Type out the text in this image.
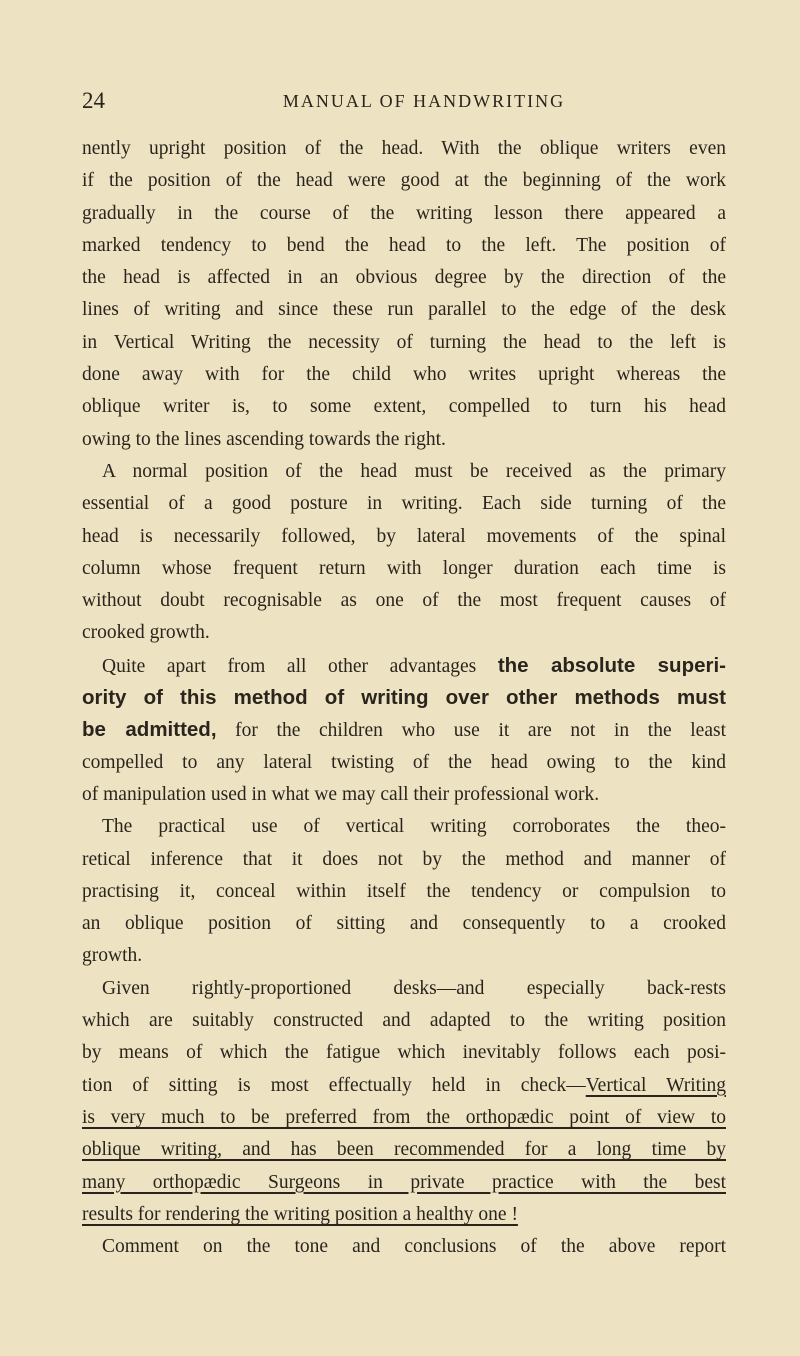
24	MANUAL OF HANDWRITING
nently upright position of the head. With the oblique writers even
if the position of the head were good at the beginning of the work
gradually in the course of the writing lesson there appeared a
marked tendency to bend the head to the left. The position of
the head is affected in an obvious degree by the direction of the
lines of writing and since these run parallel to the edge of the desk
in Vertical Writing the necessity of turning the head to the left is
done away with for the child who writes upright whereas the
oblique writer is, to some extent, compelled to turn his head
owing to the lines ascending towards the right.
A normal position of the head must be received as the primary
essential of a good posture in writing. Each side turning of the
head is necessarily followed, by lateral movements of the spinal
column whose frequent return with longer duration each time is
without doubt recognisable as one of the most frequent causes of
crooked growth.
Quite apart from all other advantages the absolute superi-
ority of this method of writing over other methods must
be admitted, for the children who use it are not in the least
compelled to any lateral twisting of the head owing to the kind
of manipulation used in what we may call their professional work.
The practical use of vertical writing corroborates the theo-
retical inference that it does not by the method and manner of
practising it, conceal within itself the tendency or compulsion to
an oblique position of sitting and consequently to a crooked
growth.
Given rightly-proportioned desks—and especially back-rests
which are suitably constructed and adapted to the writing position
by means of which the fatigue which inevitably follows each posi-
tion of sitting is most effectually held in check—Vertical Writing
is very much to be preferred from the orthopædic point of view to
oblique writing, and has been recommended for a long time by
many orthopædic Surgeons in private practice with the best
results for rendering the writing position a healthy one !
Comment on the tone and conclusions of the above report
